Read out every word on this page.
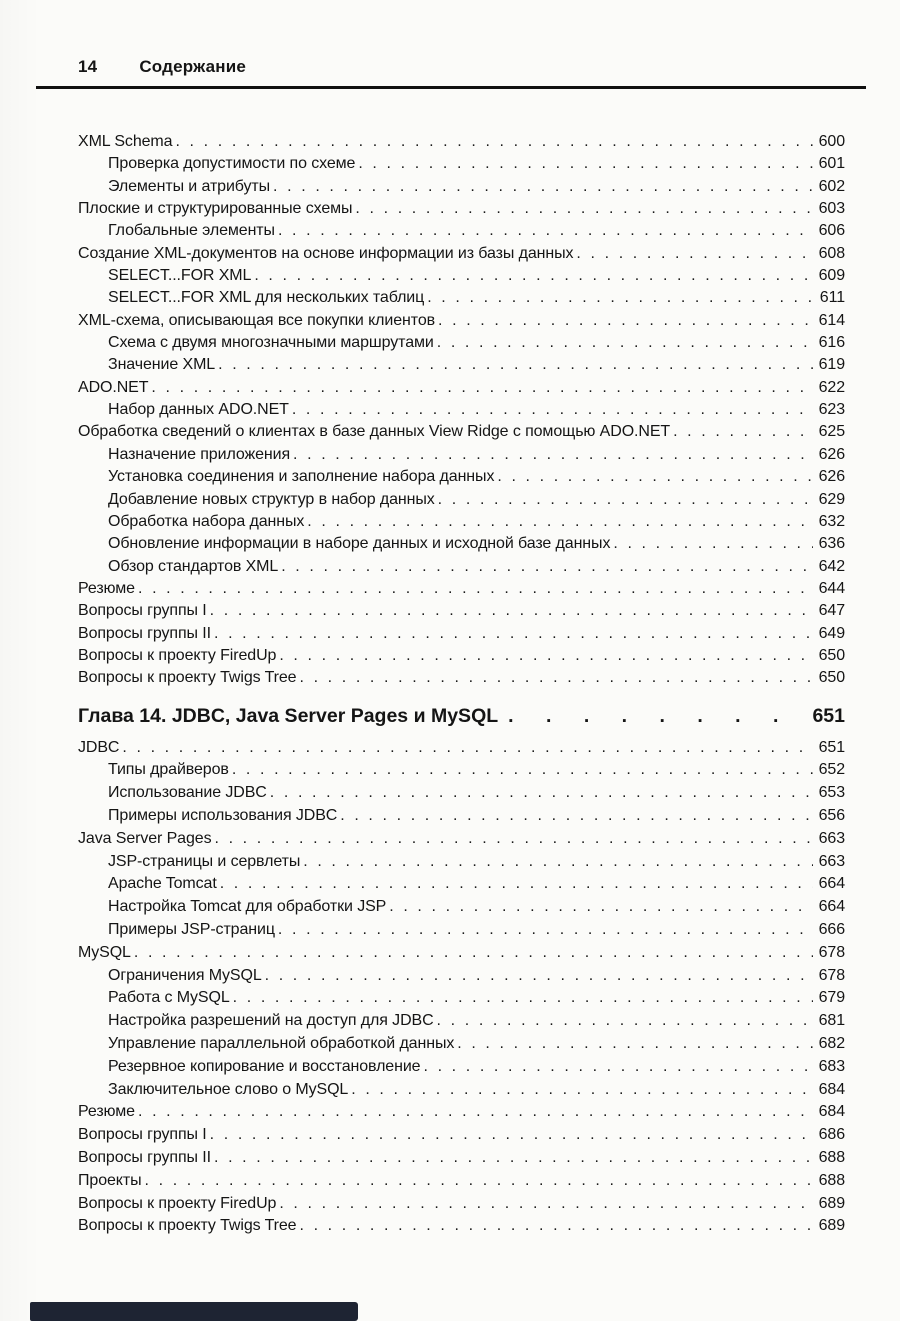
14 Содержание
XML Schema . . .	600
Проверка допустимости по схеме . . .	601
Элементы и атрибуты . . .	602
Плоские и структурированные схемы . . .	603
Глобальные элементы . . .	606
Создание XML-документов на основе информации из базы данных . . .	608
SELECT...FOR XML . . .	609
SELECT...FOR XML для нескольких таблиц . . .	611
XML-схема, описывающая все покупки клиентов . . .	614
Схема с двумя многозначными маршрутами . . .	616
Значение XML . . .	619
ADO.NET . . .	622
Набор данных ADO.NET . . .	623
Обработка сведений о клиентах в базе данных View Ridge с помощью ADO.NET . . .	625
Назначение приложения . . .	626
Установка соединения и заполнение набора данных . . .	626
Добавление новых структур в набор данных . . .	629
Обработка набора данных . . .	632
Обновление информации в наборе данных и исходной базе данных . . .	636
Обзор стандартов XML . . .	642
Резюме . . .	644
Вопросы группы I . . .	647
Вопросы группы II . . .	649
Вопросы к проекту FiredUp . . .	650
Вопросы к проекту Twigs Tree . . .	650
Глава 14. JDBC, Java Server Pages и MySQL . . .	651
JDBC . . .	651
Типы драйверов . . .	652
Использование JDBC . . .	653
Примеры использования JDBC . . .	656
Java Server Pages . . .	663
JSP-страницы и сервлеты . . .	663
Apache Tomcat . . .	664
Настройка Tomcat для обработки JSP . . .	664
Примеры JSP-страниц . . .	666
MySQL . . .	678
Ограничения MySQL . . .	678
Работа с MySQL . . .	679
Настройка разрешений на доступ для JDBC . . .	681
Управление параллельной обработкой данных . . .	682
Резервное копирование и восстановление . . .	683
Заключительное слово о MySQL . . .	684
Резюме . . .	684
Вопросы группы I . . .	686
Вопросы группы II . . .	688
Проекты . . .	688
Вопросы к проекту FiredUp . . .	689
Вопросы к проекту Twigs Tree . . .	689
